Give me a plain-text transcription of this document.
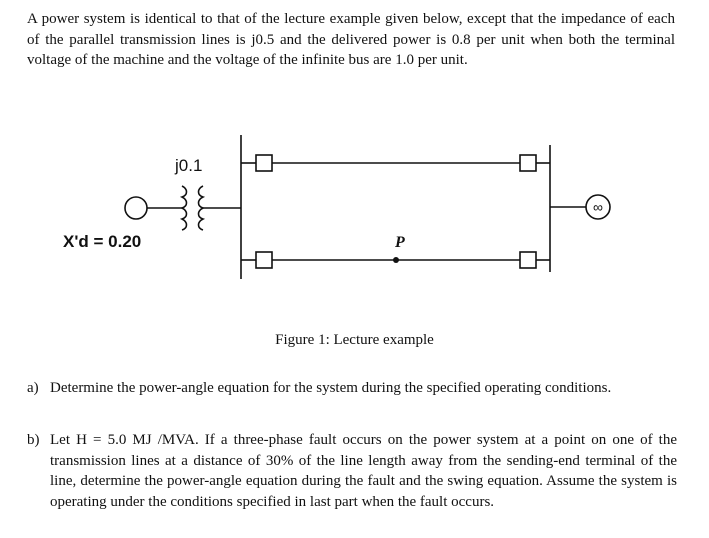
A power system is identical to that of the lecture example given below, except that the impedance of each of the parallel transmission lines is j0.5 and the delivered power is 0.8 per unit when both the terminal voltage of the machine and the voltage of the infinite bus are 1.0 per unit.

j0.1
X'd = 0.20	P
∞

Figure 1: Lecture example

a) Determine the power-angle equation for the system during the specified operating conditions.
b) Let H = 5.0 MJ /MVA. If a three-phase fault occurs on the power system at a point on one of the transmission lines at a distance of 30% of the line length away from the sending-end terminal of the line, determine the power-angle equation during the fault and the swing equation. Assume the system is operating under the conditions specified in last part when the fault occurs.
